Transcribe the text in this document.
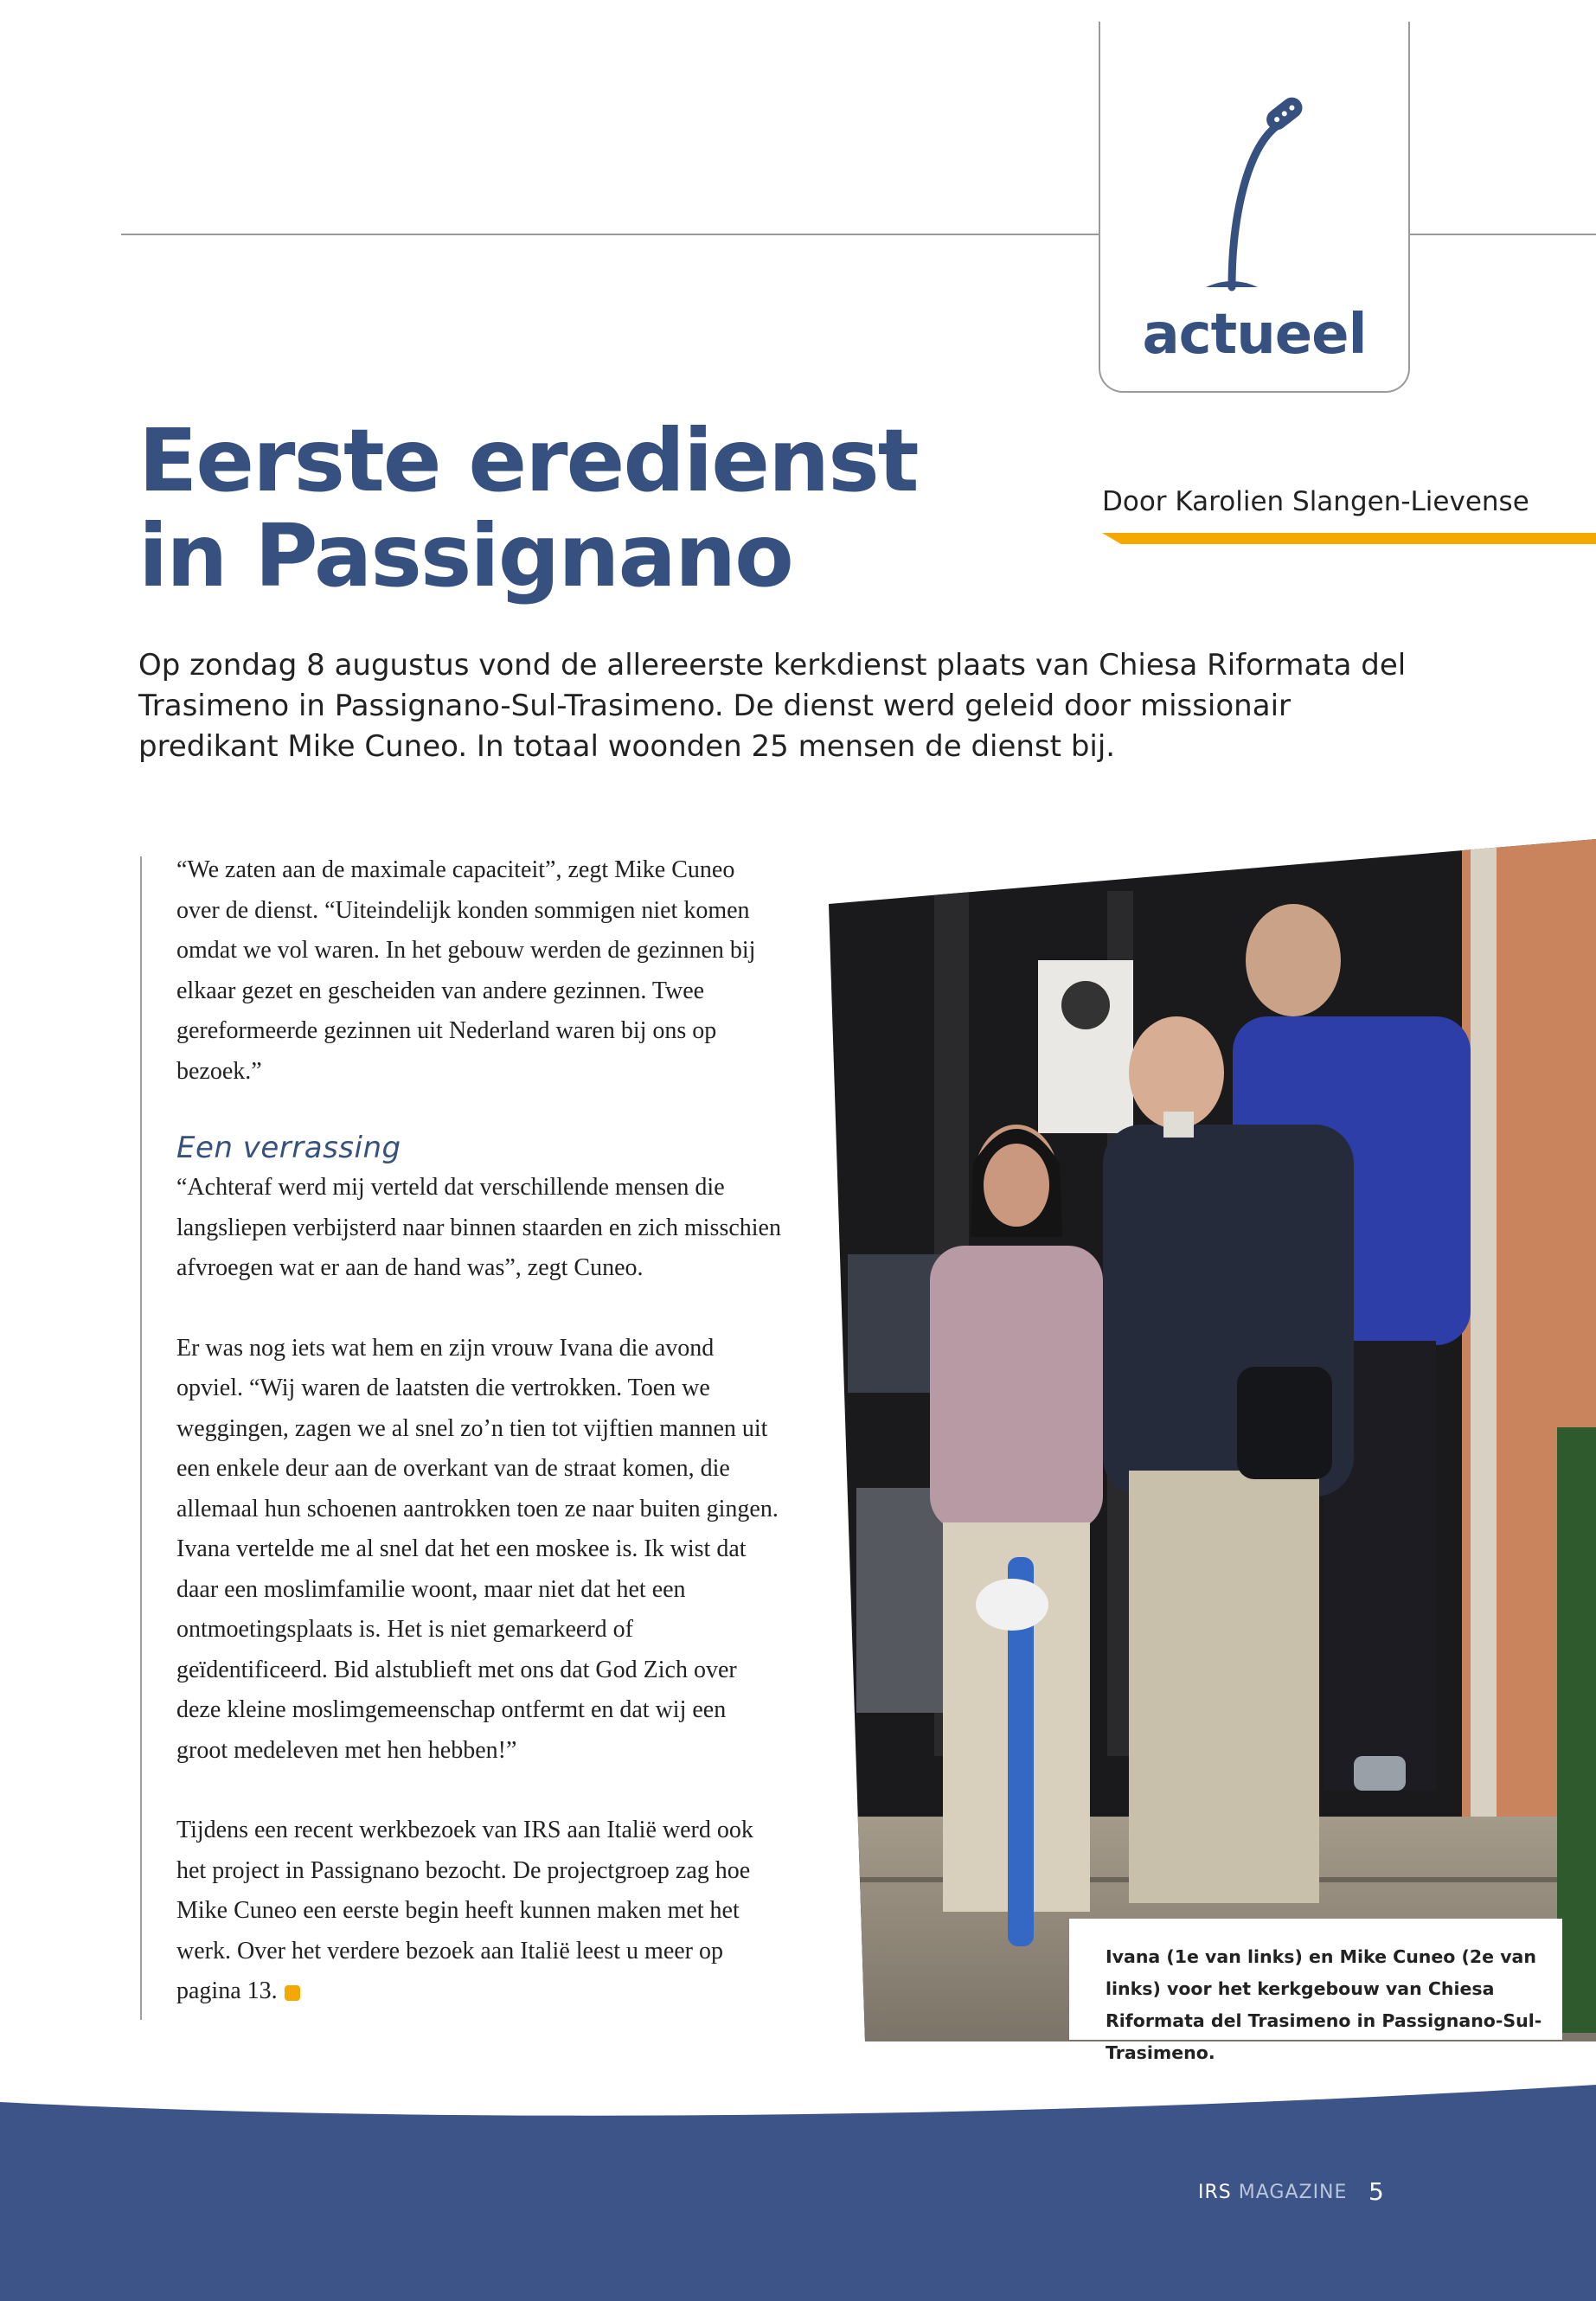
actueel
Eerste eredienst
in Passignano
Door Karolien Slangen-Lievense

Op zondag 8 augustus vond de allereerste kerkdienst plaats van Chiesa Riformata del Trasimeno in Passignano-Sul-Trasimeno. De dienst werd geleid door missionair predikant Mike Cuneo. In totaal woonden 25 mensen de dienst bij.

“We zaten aan de maximale capaciteit”, zegt Mike Cuneo over de dienst. “Uiteindelijk konden sommigen niet komen omdat we vol waren. In het gebouw werden de gezinnen bij elkaar gezet en gescheiden van andere gezinnen. Twee gereformeerde gezinnen uit Nederland waren bij ons op bezoek.”

Een verrassing

“Achteraf werd mij verteld dat verschillende mensen die langsliepen verbijsterd naar binnen staarden en zich misschien afvroegen wat er aan de hand was”, zegt Cuneo.

Er was nog iets wat hem en zijn vrouw Ivana die avond opviel. “Wij waren de laatsten die vertrokken. Toen we weggingen, zagen we al snel zo’n tien tot vijftien mannen uit een enkele deur aan de overkant van de straat komen, die allemaal hun schoenen aantrokken toen ze naar buiten gingen. Ivana vertelde me al snel dat het een moskee is. Ik wist dat daar een moslimfamilie woont, maar niet dat het een ontmoetingsplaats is. Het is niet gemarkeerd of geïdentificeerd. Bid alstublieft met ons dat God Zich over deze kleine moslimgemeenschap ontfermt en dat wij een groot medeleven met hen hebben!”

Tijdens een recent werkbezoek van IRS aan Italië werd ook het project in Passignano bezocht. De projectgroep zag hoe Mike Cuneo een eerste begin heeft kunnen maken met het werk. Over het verdere bezoek aan Italië leest u meer op pagina 13.

Ivana (1e van links) en Mike Cuneo (2e van links) voor het kerkgebouw van Chiesa Riformata del Trasimeno in Passignano-Sul-Trasimeno.

IRS MAGAZINE 5
